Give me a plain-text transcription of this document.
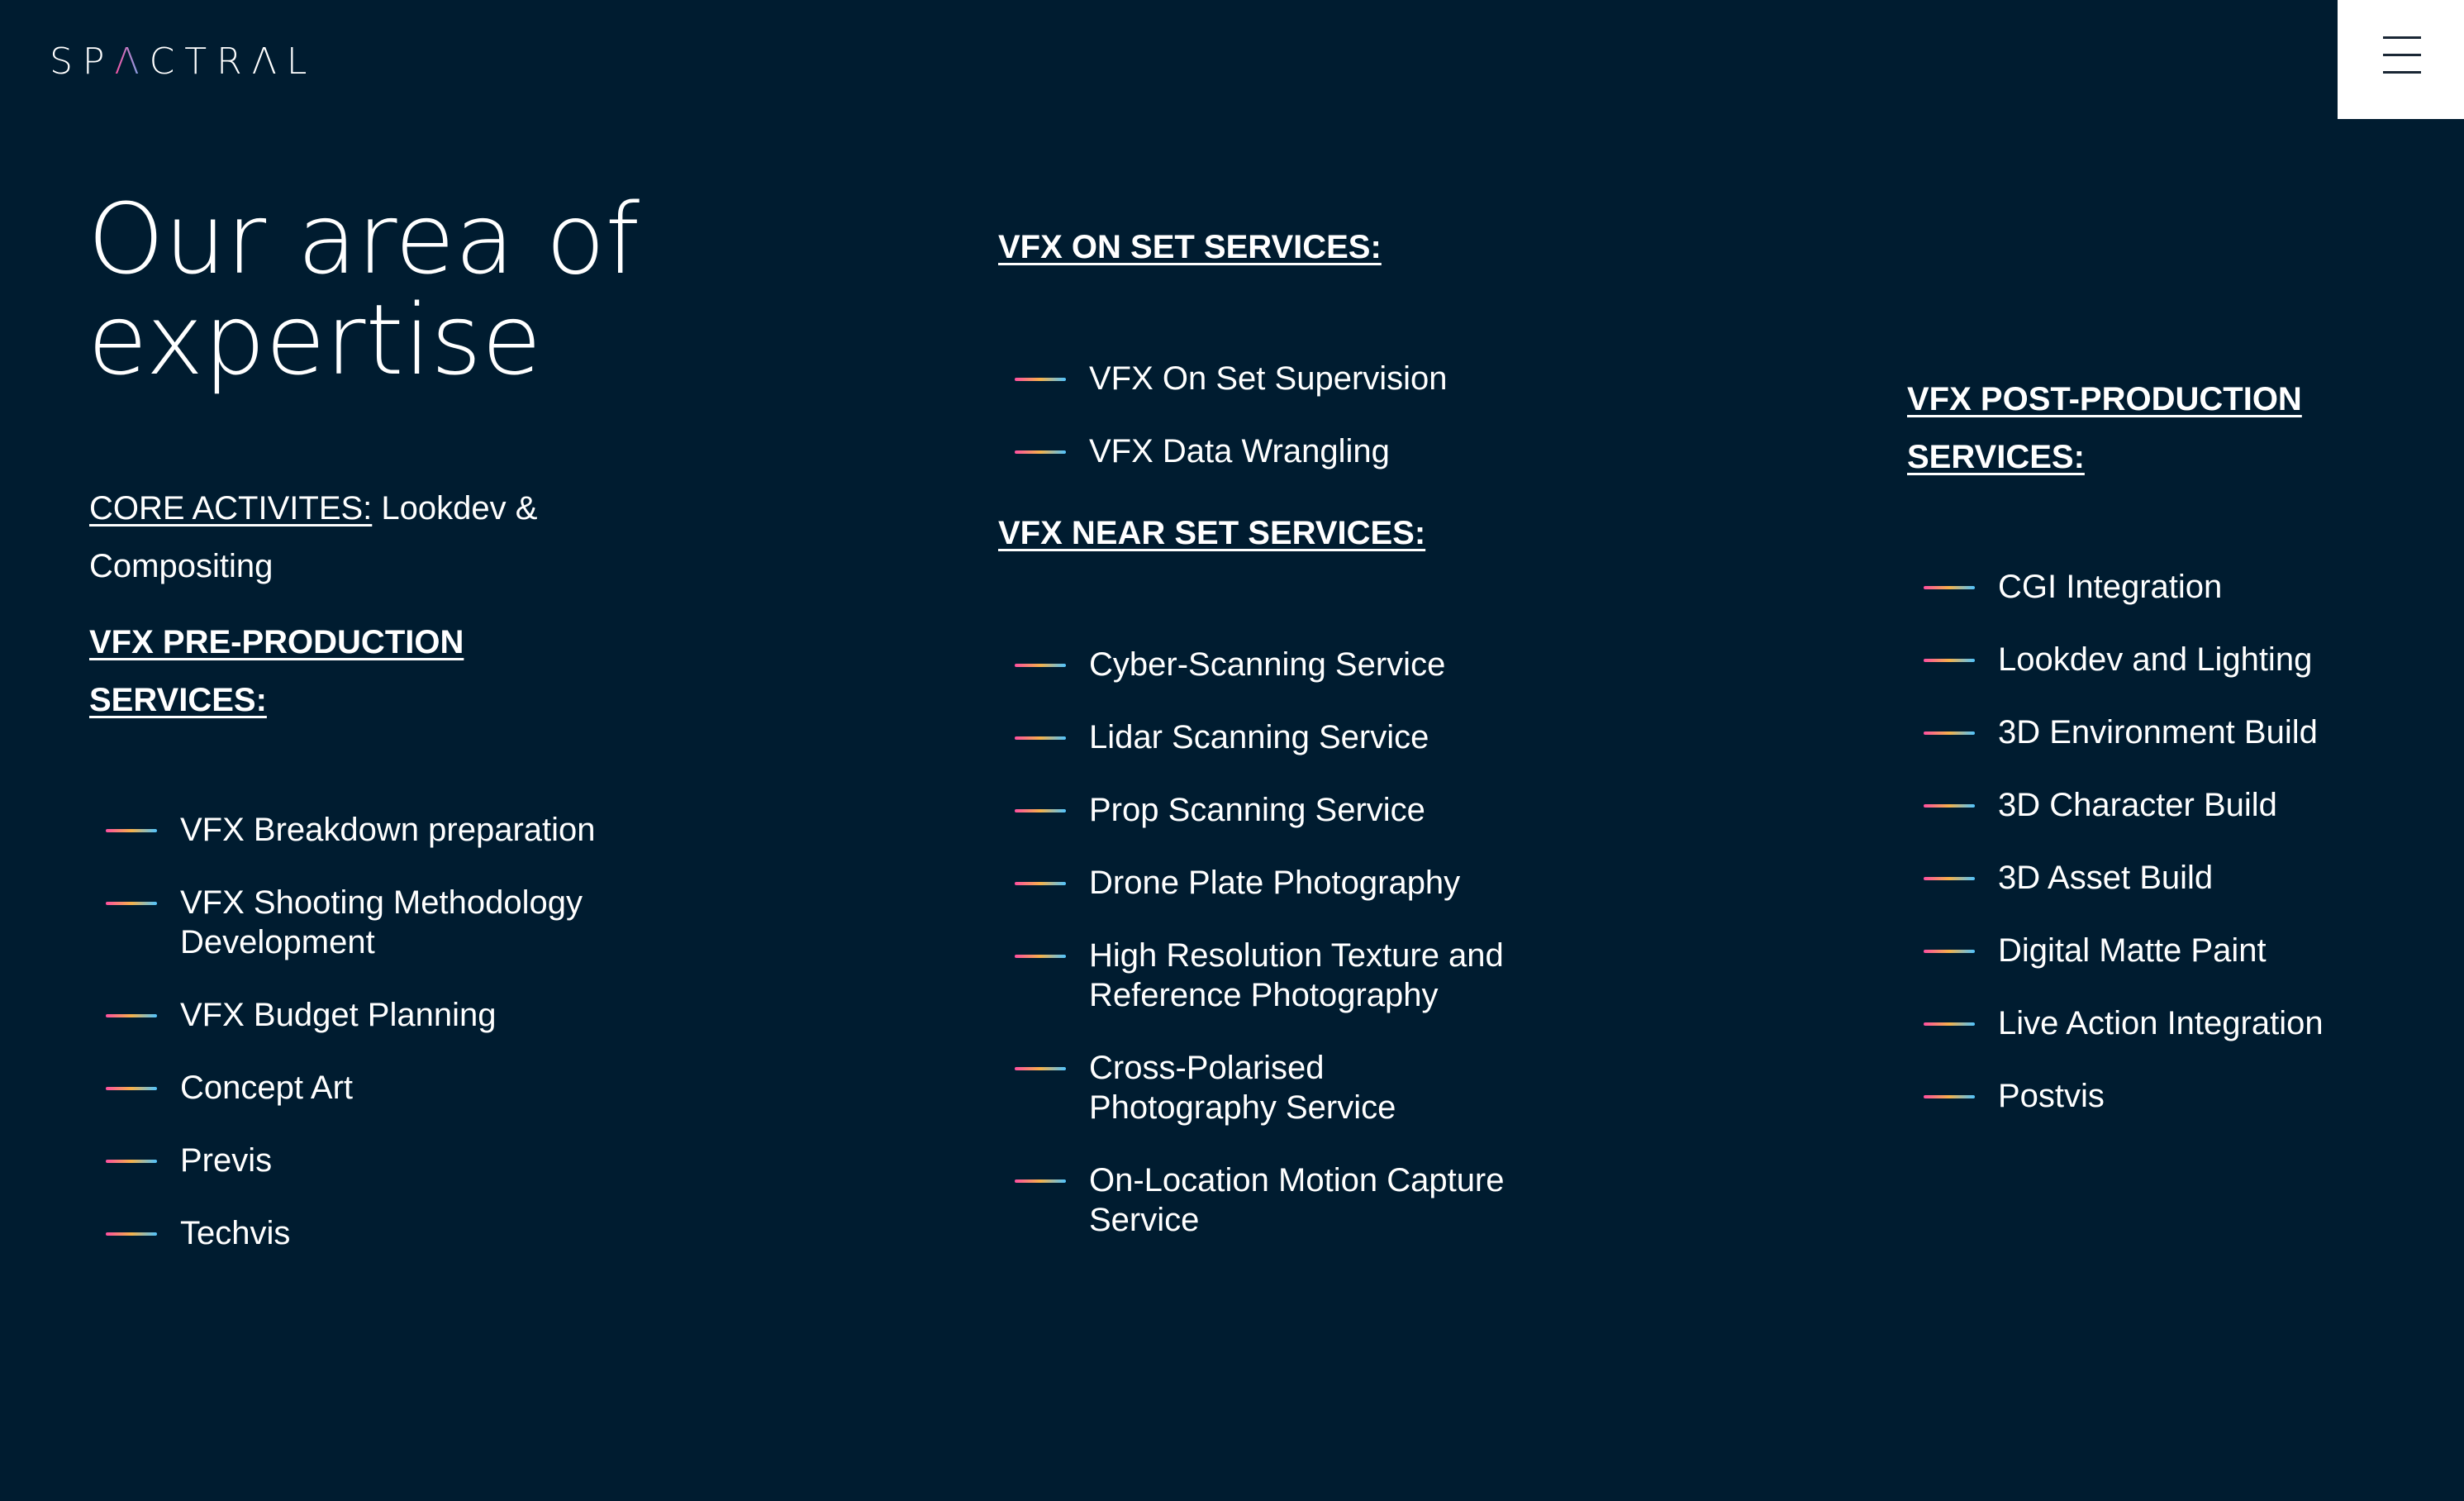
SPΛCTRΛL
Our area of
expertise

CORE ACTIVITES: Lookdev & Compositing

VFX PRE-PRODUCTION SERVICES:
VFX Breakdown preparation
VFX Shooting Methodology Development
VFX Budget Planning
Concept Art
Previs
Techvis
VFX ON SET SERVICES:
VFX On Set Supervision
VFX Data Wrangling
VFX NEAR SET SERVICES:
Cyber-Scanning Service
Lidar Scanning Service
Prop Scanning Service
Drone Plate Photography
High Resolution Texture and Reference Photography
Cross-Polarised Photography Service
On-Location Motion Capture Service
VFX POST-PRODUCTION SERVICES:
CGI Integration
Lookdev and Lighting
3D Environment Build
3D Character Build
3D Asset Build
Digital Matte Paint
Live Action Integration
Postvis
